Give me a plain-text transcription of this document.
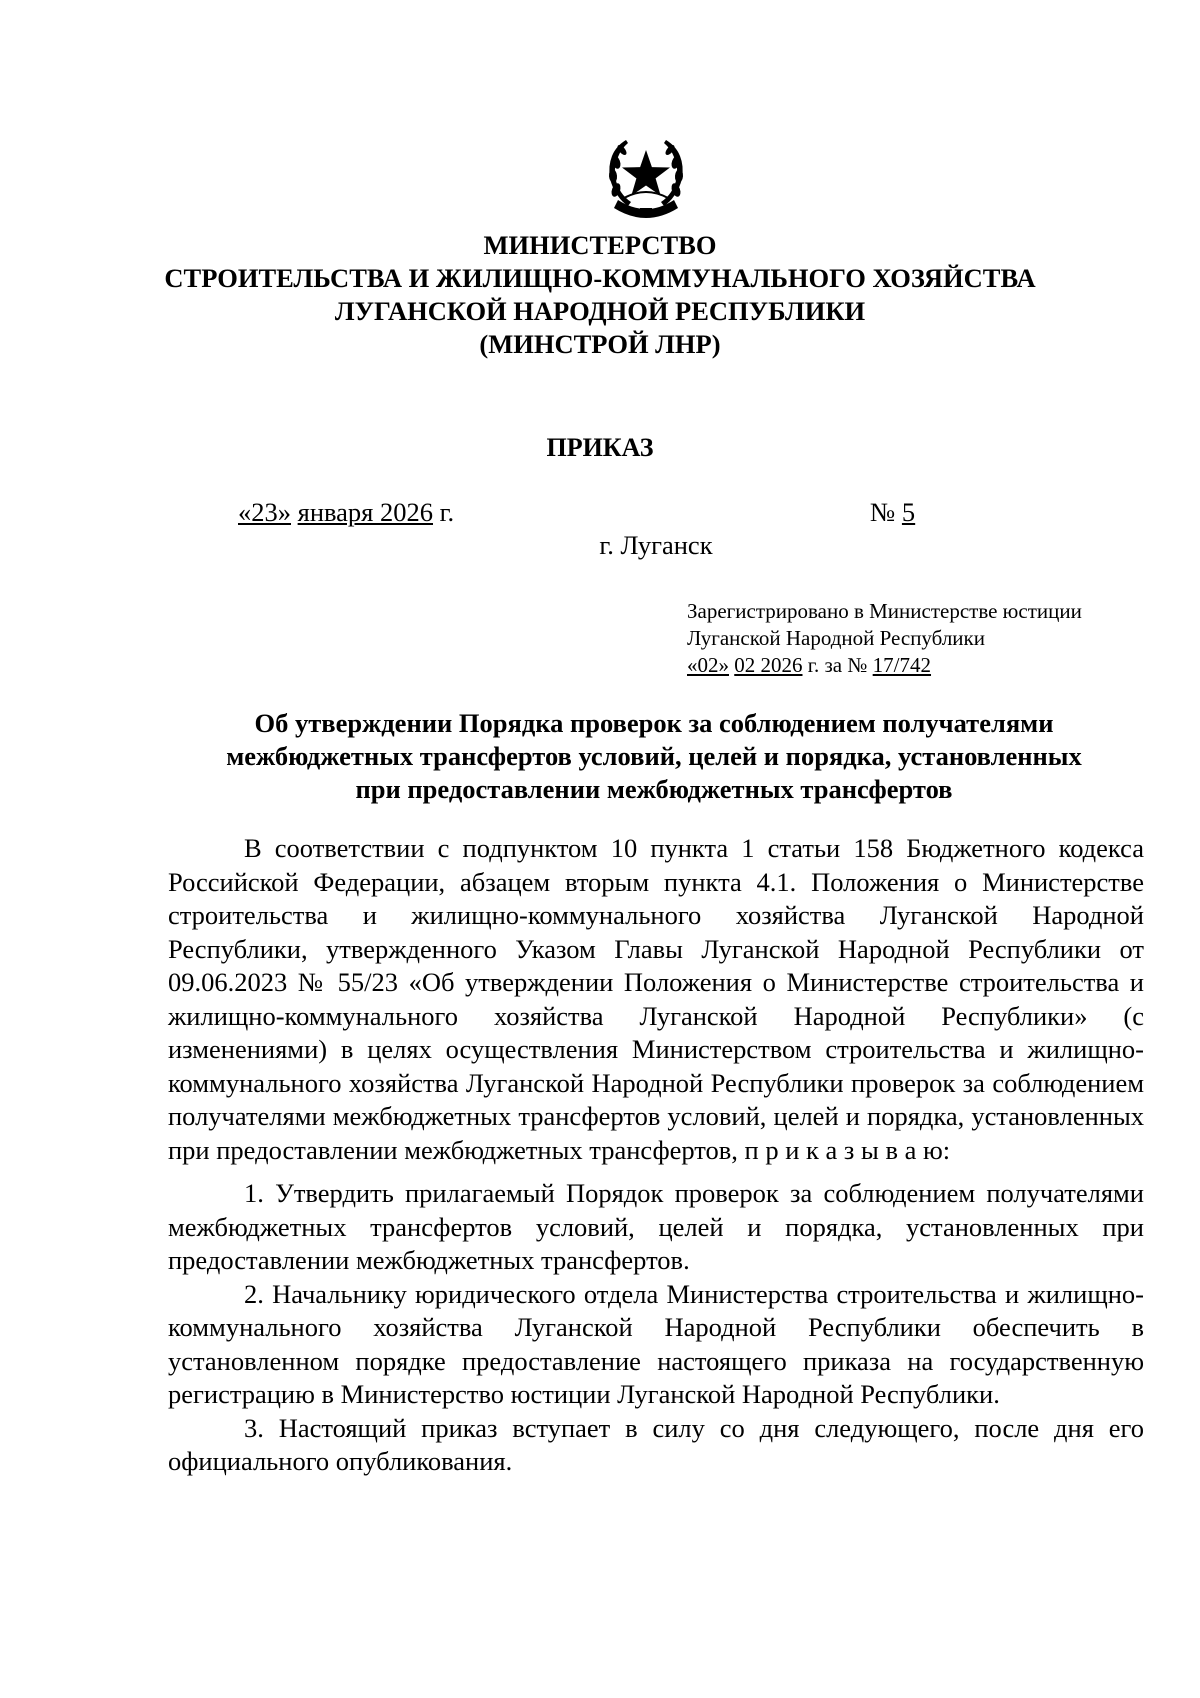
МИНИСТЕРСТВО
СТРОИТЕЛЬСТВА И ЖИЛИЩНО-КОММУНАЛЬНОГО ХОЗЯЙСТВА
ЛУГАНСКОЙ НАРОДНОЙ РЕСПУБЛИКИ
(МИНСТРОЙ ЛНР)
ПРИКАЗ
«23» января 2026 г.	№ 5
г. Луганск
Зарегистрировано в Министерстве юстиции
Луганской Народной Республики
«02» 02 2026 г. за № 17/742
Об утверждении Порядка проверок за соблюдением получателями
межбюджетных трансфертов условий, целей и порядка, установленных
при предоставлении межбюджетных трансфертов

В соответствии с подпунктом 10 пункта 1 статьи 158 Бюджетного кодекса Российской Федерации, абзацем вторым пункта 4.1. Положения о Министерстве строительства и жилищно-коммунального хозяйства Луганской Народной Республики, утвержденного Указом Главы Луганской Народной Республики от 09.06.2023 № 55/23 «Об утверждении Положения о Министерстве строительства и жилищно-коммунального хозяйства Луганской Народной Республики» (с изменениями) в целях осуществления Министерством строительства и жилищно-коммунального хозяйства Луганской Народной Республики проверок за соблюдением получателями межбюджетных трансфертов условий, целей и порядка, установленных при предоставлении межбюджетных трансфертов, п р и к а з ы в а ю:

1. Утвердить прилагаемый Порядок проверок за соблюдением получателями межбюджетных трансфертов условий, целей и порядка, установленных при предоставлении межбюджетных трансфертов.

2. Начальнику юридического отдела Министерства строительства и жилищно-коммунального хозяйства Луганской Народной Республики обеспечить в установленном порядке предоставление настоящего приказа на государственную регистрацию в Министерство юстиции Луганской Народной Республики.

3. Настоящий приказ вступает в силу со дня следующего, после дня его официального опубликования.
